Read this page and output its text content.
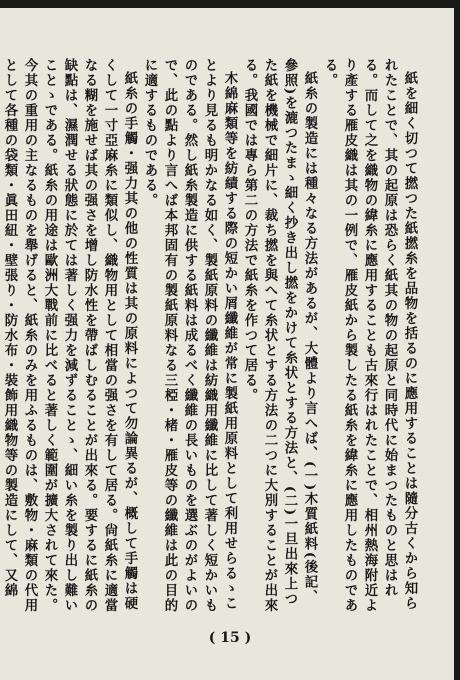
紙を細く切つて撚つた紙撚糸を品物を括るのに應用することは隨分古くから知られたことで、其の起原は恐らく紙其の物の起原と同時代に始まつたものと思はれる。而して之を織物の緯糸に應用することも古來行はれたことで、相州熱海附近より產する雁皮織は其の一例で、雁皮紙から製したる紙糸を緯糸に應用したものである。

紙糸の製造には種々なる方法があるが、大體より言へば、(一)木質紙料(後記、參照)を漉つたまゝ細く抄き出し撚をかけて糸状とする方法と、(二)一旦出來上つた紙を機械で細片に、裁ち撚を與へて糸状とする方法の二つに大別することが出來る。我國では專ら第二の方法で紙糸を作つて居る。

木綿麻類等を紡績する際の短かい屑纖維が常に製紙用原料として利用せらるゝことより見るも明かなる如く、製紙原料の纖維は紡織用纖維に比して著しく短かいものである。然し紙糸製造に供する紙料は成るべく纖維の長いものを選ぶのがよいので、此の點より言へば本邦固有の製紙原料なる三椏・楮・雁皮等の纖維は此の目的に適するものである。

紙糸の手觸・强力其の他の性質は其の原料によつて勿論異るが、概して手觸は硬くして一寸亞麻糸に類似し、織物用として相當の强さを有して居る。尙紙糸に適當なる糊を施せば其の强さを增し防水性を帶ばしむることが出來る。要するに紙糸の缺點は、濕潤せる狀態に於ては著しく强力を減ずることゝ、細い糸を製り出し難いことゝである。紙糸の用途は歐洲大戰前に比べると著しく範圍が擴大されて來た。今其の重用の主なるものを舉げると、紙糸のみを用ふるものは、敷物・麻類の代用として各種の袋類・眞田紐・壁張り・防水布・裝飾用織物等の製造にして、又綿

( 15 )
